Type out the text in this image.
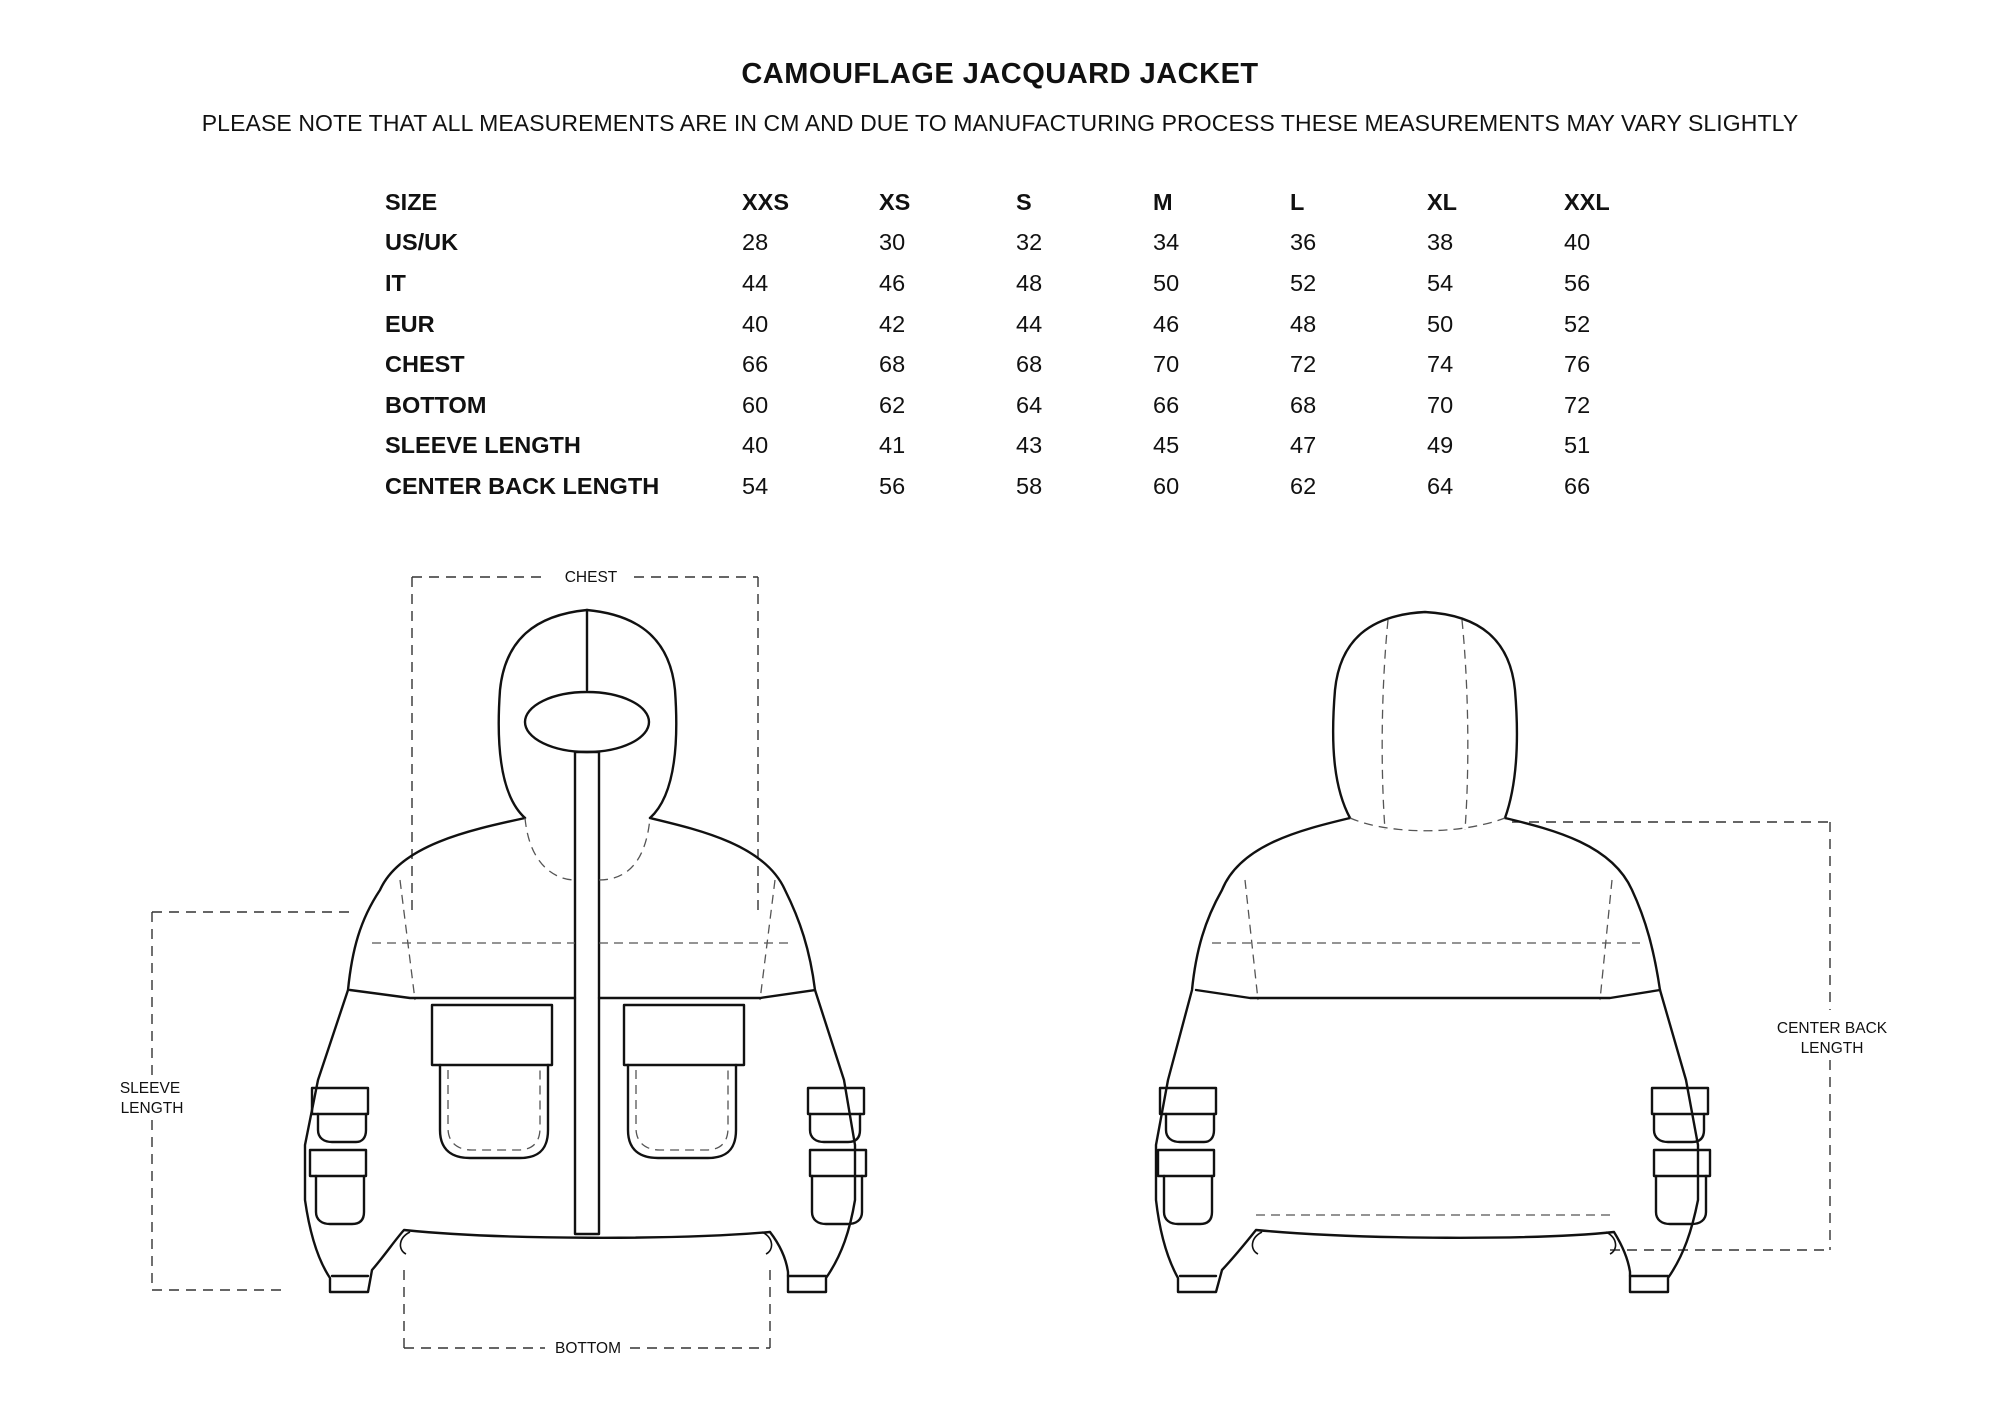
CAMOUFLAGE JACQUARD JACKET

PLEASE NOTE THAT ALL MEASUREMENTS ARE IN CM AND DUE TO MANUFACTURING PROCESS THESE MEASUREMENTS MAY VARY SLIGHTLY

SIZE	XXS	XS	S	M	L	XL	XXL
US/UK	28	30	32	34	36	38	40
IT	44	46	48	50	52	54	56
EUR	40	42	44	46	48	50	52
CHEST	66	68	68	70	72	74	76
BOTTOM	60	62	64	66	68	70	72
SLEEVE LENGTH	40	41	43	45	47	49	51
CENTER BACK LENGTH	54	56	58	60	62	64	66
CHEST
SLEEVE
LENGTH
BOTTOM
CENTER BACK
LENGTH
